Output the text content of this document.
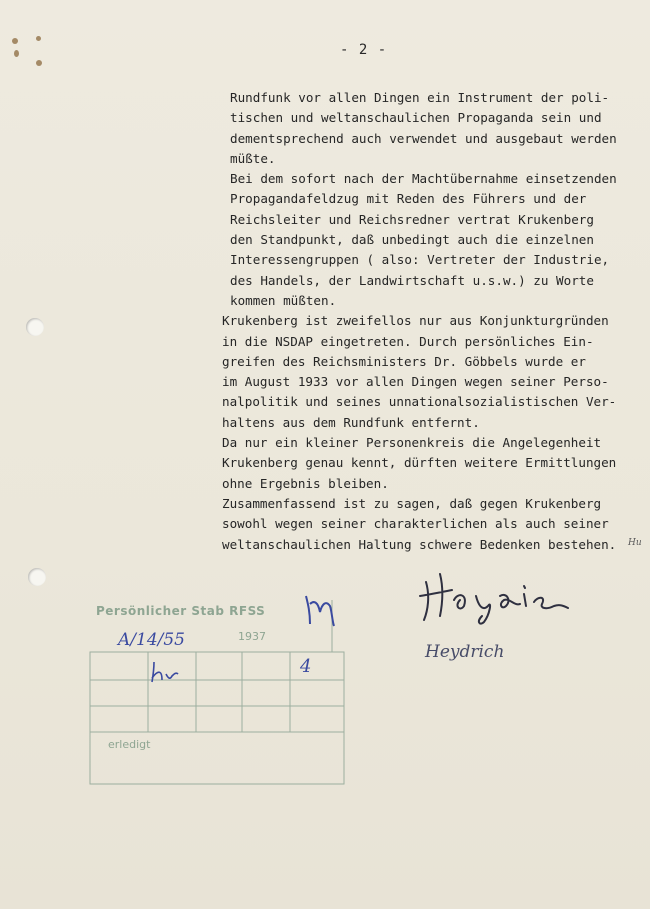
- 2 -
Rundfunk vor allen Dingen ein Instrument der poli-
tischen und weltanschaulichen Propaganda sein und
dementsprechend auch verwendet und ausgebaut werden
müßte.
Bei dem sofort nach der Machtübernahme einsetzenden
Propagandafeldzug mit Reden des Führers und der
Reichsleiter und Reichsredner vertrat Krukenberg
den Standpunkt, daß unbedingt auch die einzelnen
Interessengruppen ( also: Vertreter der Industrie,
des Handels, der Landwirtschaft u.s.w.) zu Worte
kommen müßten.
Krukenberg ist zweifellos nur aus Konjunkturgründen
in die NSDAP eingetreten. Durch persönliches Ein-
greifen des Reichsministers Dr. Göbbels wurde er
im August 1933 vor allen Dingen wegen seiner Perso-
nalpolitik und seines unnationalsozialistischen Ver-
haltens aus dem Rundfunk entfernt.
Da nur ein kleiner Personenkreis die Angelegenheit
Krukenberg genau kennt, dürften weitere Ermittlungen
ohne Ergebnis bleiben.
Zusammenfassend ist zu sagen, daß gegen Krukenberg
sowohl wegen seiner charakterlichen als auch seiner
weltanschaulichen Haltung schwere Bedenken bestehen.
Persönlicher Stab RFSS
1937
erledigt
A/14/55
4
Hu
Heydrich
